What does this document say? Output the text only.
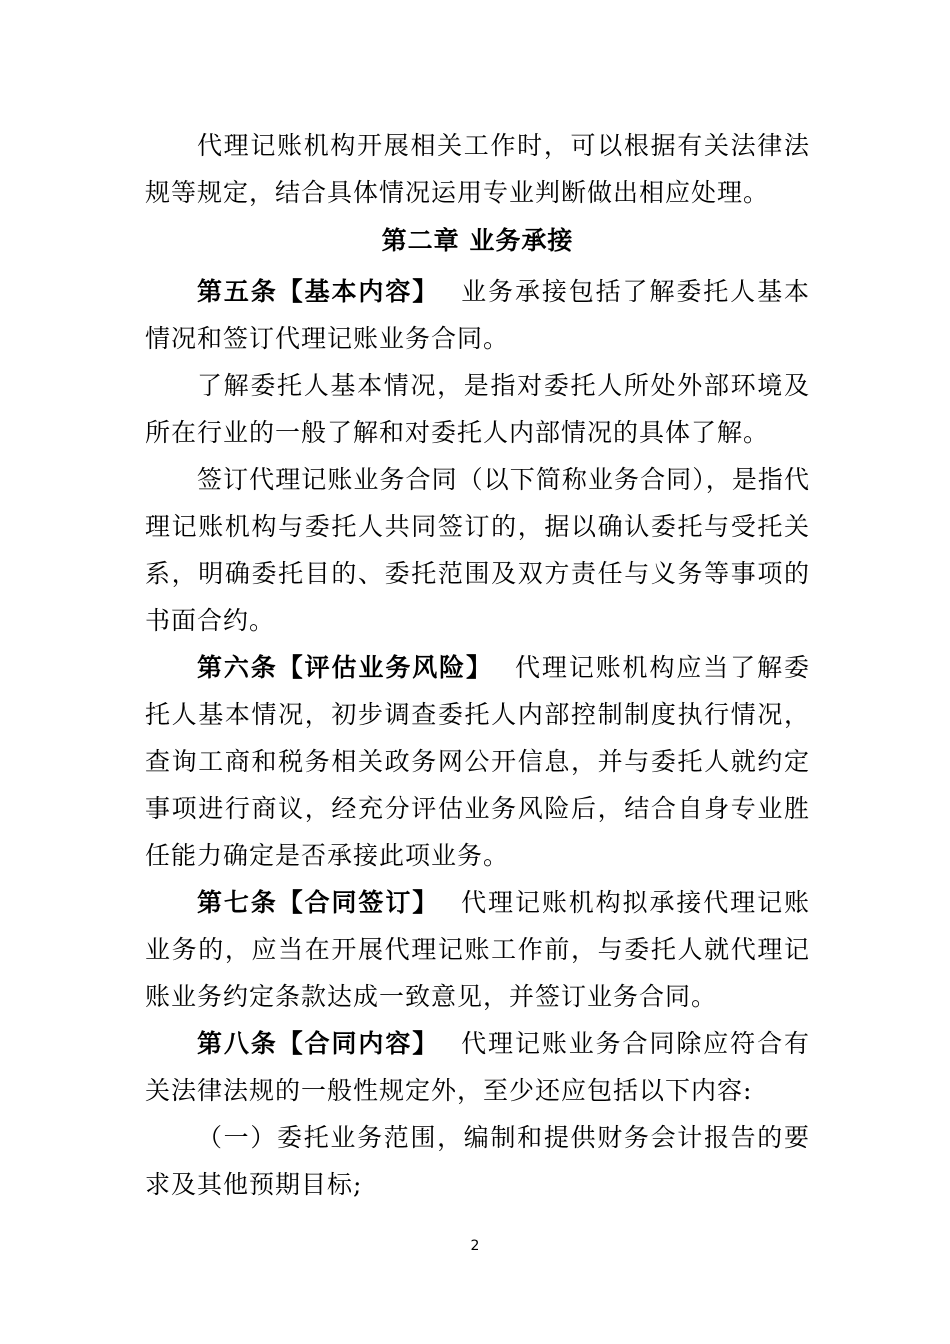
代理记账机构开展相关工作时，可以根据有关法律法规等规定，结合具体情况运用专业判断做出相应处理。

第二章 业务承接

第五条【基本内容】 业务承接包括了解委托人基本情况和签订代理记账业务合同。

了解委托人基本情况，是指对委托人所处外部环境及所在行业的一般了解和对委托人内部情况的具体了解。

签订代理记账业务合同（以下简称业务合同），是指代理记账机构与委托人共同签订的，据以确认委托与受托关系，明确委托目的、委托范围及双方责任与义务等事项的书面合约。

第六条【评估业务风险】 代理记账机构应当了解委托人基本情况，初步调查委托人内部控制制度执行情况，查询工商和税务相关政务网公开信息，并与委托人就约定事项进行商议，经充分评估业务风险后，结合自身专业胜任能力确定是否承接此项业务。

第七条【合同签订】 代理记账机构拟承接代理记账业务的，应当在开展代理记账工作前，与委托人就代理记账业务约定条款达成一致意见，并签订业务合同。

第八条【合同内容】 代理记账业务合同除应符合有关法律法规的一般性规定外，至少还应包括以下内容:

（一）委托业务范围，编制和提供财务会计报告的要求及其他预期目标;

2
